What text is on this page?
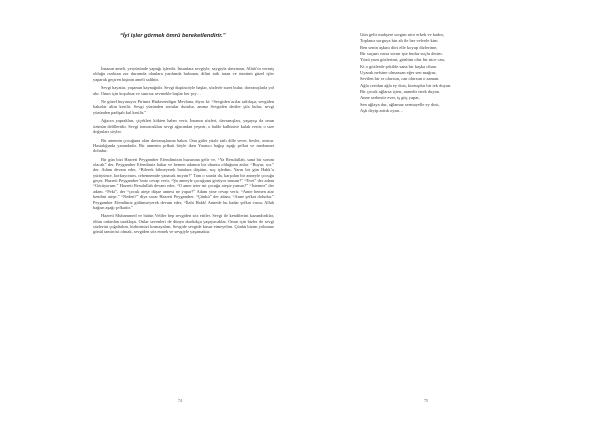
“İyi işler görmek ömrü bereketlendirir.”

İnsanın ameli, yeryüzünde yaptığı işlerdir. İnsanlara sevgiyle, saygıyla davranan, Allah’ın vermiş olduğu rızıktan zor durumda olanlara yardımda bulunan, dilini tatlı tutan ve ömrünü güzel işler yaparak geçiren kişinin ameli salihtir.

Sevgi hayattır, yaşamın kaynağıdır. Sevgi duşüncöyle başlar, sözlerle suret bulur, davranışlarla yol alır. Onun için koşulsuz ve sınırsız sevmekle başlar her şey…

Ne güzel buyuruyor Pirimiz Hüdavendigar Mevlana, diyor ki: “Sevgiden acılar tatlılaşır, sevgiden bakırlar altın kesilir. Sevgi yüzünden tortular durulur, ammz Sevgiden dertler şifa bulur, sevgi yüzünden padişah kul kesilir.”

Ağacın yaprakları, çiçekleri kökten haber verir. İnsanın sözleri, davranışları, yaşayışı da onun özünün delilleridir. Sevgi tomurcukları sevgi ağacından yeşerir, o halde kalbinive kulak verin; o size doğruları söyler.

Bir annenin çocuğuna olan davranışlarına bakın. Onu güler yüzle tatlı dille sever, besler, avutur. Hastalığında yanındadır. Bir annenin şefkati böyle iken Yaratıcı bağışı aşağı şefkat ve merhamet doludur.

Bir gün bizi Hazreti Peygamber Efendimizin huzuruna gelir ve, “Ya Resulullah, sana bir sorum olacak” der. Peygamber Efendimiz bakar ve hemen adamın bir okuntu olduğunu anlar. “Buyur, sor.” der. Adam devam eder, “Bilerek bilmeyerek hatalara düştüm, suç işledim. Yarın bir gün Hakk’a yürüyünce, korkuyorum, cehennemde yanacak mıyım?” Tam o sırada da, karşıdan bir anneyle çocuğu geçer. Hazreti Peygamber’imiz cevap verir, “Şu anneyle çocuğunu görüyor musun?” “Evet” der adam “Görüyorum.” Hazreti Resulullah devam eder, “O anne izter mi çocuğu ateşte yansın?” “İstemez” der adam. “Peki”, der “çocuk ateşe düşse annesi ne yapar?” Adam yine cevap verir, “Anne hemen atar kendini ateşe.” “Neden?” diye sorar Hazreti Peygamber. “Çünkü” der adam, “Anne şefkat doludur.” Peygamber Efendimiz gülümseyerek devam eder, “İlahi Hakk! Annede bu kadar şefkat varsa, Allah bağısn aşağı şefkattir.”

Hazreti Muhammed ve bütün Veliler hep sevgiden söz ettiler. Sevgi ile kendilerini kazandırdılar, ölüm onlardan uzaklaştı. Onlar sevenleri de dünya durdukça yaşayacaklar. Onun için bizler de sevgi sözlerini çoğaltalım, birbirimizi kırmayalım. Sevgide sevgide kusur etmeyelim. Çünkü bizim yolumuz gönül tamircisi olmak, sevgiden söz etmek ve sevgiyle yaşamaktır.

74
Gün gelir mahşere sorgun nice erkek ve kadın,
Toplanır sorguya bin ah ile her velvele kim.
Ben senin aşkını dört elle koyup dizlerime,
Bir suçum varsa sorun işte budur suçlu derim.
Yüzü yum gözlerimi, gönlüm olur bir nice can,
Ki o gözlerde şekilde sana bir başka cihan.
Uyarak nefsine olmazsan eğer sen mağrur,
Sevilen bir er olursun, can olursun o zaman.
Ağla ceridan ağla ey dost, kurtuşdur bir tek duyan.
Bir çocuk ağlarsa içten, annedir istek duyan.
Anne serbestir ever, iş güç yapar,
Sen ağlaya dur, ağlamaz sermayelle ey dost,
Aşk deyip arttık oyan…
75
